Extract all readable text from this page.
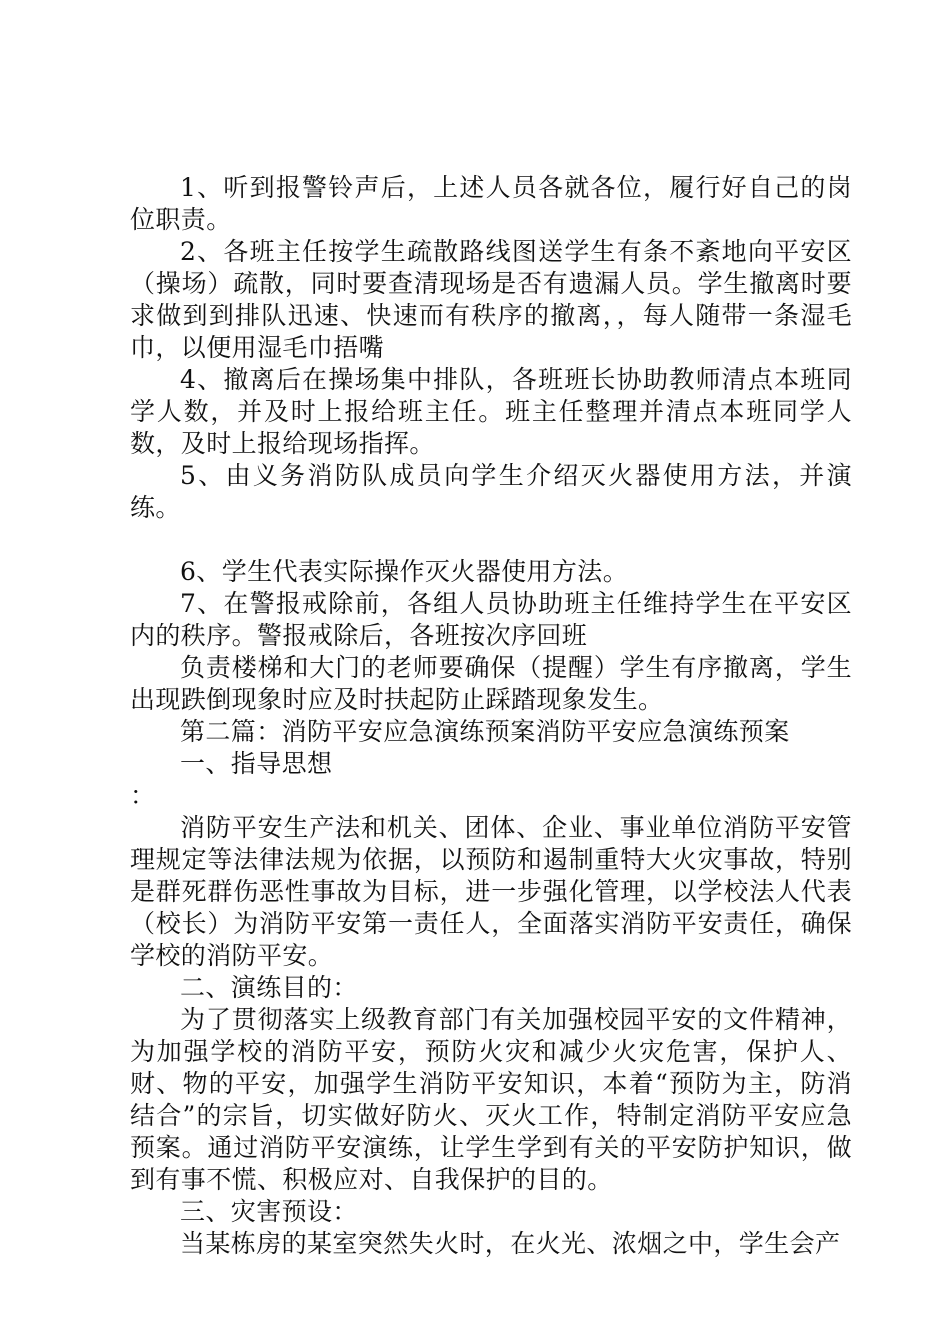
1、听到报警铃声后，上述人员各就各位，履行好自己的岗位职责。

2、各班主任按学生疏散路线图送学生有条不紊地向平安区（操场）疏散，同时要查清现场是否有遗漏人员。学生撤离时要求做到到排队迅速、快速而有秩序的撤离，，每人随带一条湿毛巾，以便用湿毛巾捂嘴

4、撤离后在操场集中排队，各班班长协助教师清点本班同学人数，并及时上报给班主任。班主任整理并清点本班同学人数，及时上报给现场指挥。

5、由义务消防队成员向学生介绍灭火器使用方法，并演练。

6、学生代表实际操作灭火器使用方法。

7、在警报戒除前，各组人员协助班主任维持学生在平安区内的秩序。警报戒除后，各班按次序回班

负责楼梯和大门的老师要确保（提醒）学生有序撤离，学生出现跌倒现象时应及时扶起防止踩踏现象发生。

第二篇：消防平安应急演练预案消防平安应急演练预案

一、指导思想

：

消防平安生产法和机关、团体、企业、事业单位消防平安管理规定等法律法规为依据，以预防和遏制重特大火灾事故，特别是群死群伤恶性事故为目标，进一步强化管理，以学校法人代表（校长）为消防平安第一责任人，全面落实消防平安责任，确保学校的消防平安。

二、演练目的：

为了贯彻落实上级教育部门有关加强校园平安的文件精神，为加强学校的消防平安，预防火灾和减少火灾危害，保护人、财、物的平安，加强学生消防平安知识，本着“预防为主，防消结合”的宗旨，切实做好防火、灭火工作，特制定消防平安应急预案。通过消防平安演练，让学生学到有关的平安防护知识，做到有事不慌、积极应对、自我保护的目的。

三、灾害预设：

当某栋房的某室突然失火时，在火光、浓烟之中，学生会产
